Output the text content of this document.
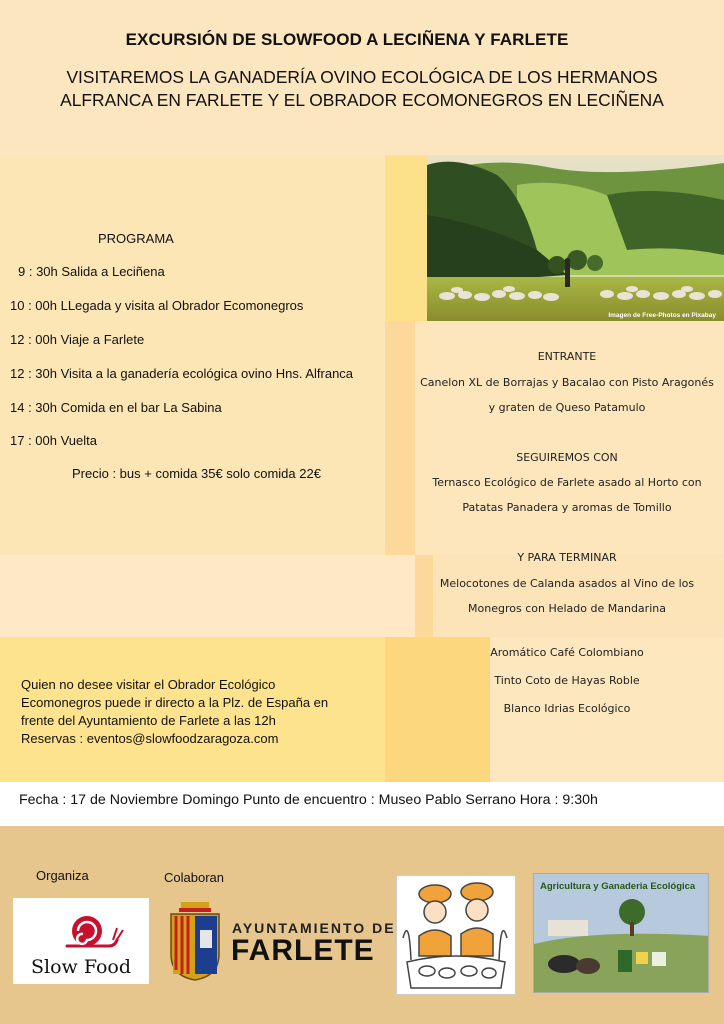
EXCURSIÓN DE SLOWFOOD A LECIÑENA Y FARLETE
VISITAREMOS LA GANADERÍA OVINO ECOLÓGICA DE LOS HERMANOS
ALFRANCA EN FARLETE Y EL OBRADOR ECOMONEGROS EN LECIÑENA
Imagen de Free-Photos en Pixabay
PROGRAMA
9 : 30h Salida a Leciñena
10 : 00h LLegada y visita al Obrador Ecomonegros
12 : 00h Viaje a Farlete
12 : 30h Visita a la ganadería ecológica ovino Hns. Alfranca
14 : 30h Comida en el bar La Sabina
17 : 00h Vuelta
Precio : bus + comida 35€ solo comida 22€
ENTRANTE
Canelon XL de Borrajas y Bacalao con Pisto Aragonés
y graten de Queso Patamulo
SEGUIREMOS CON
Ternasco Ecológico de Farlete asado al Horto con
Patatas Panadera y aromas de Tomillo
Y PARA TERMINAR
Melocotones de Calanda asados al Vino de los
Monegros con Helado de Mandarina
Aromático Café Colombiano
Tinto Coto de Hayas Roble
Blanco Idrias Ecológico
Quien no desee visitar el Obrador Ecológico
Ecomonegros puede ir directo a la Plz. de España en
frente del Ayuntamiento de Farlete a las 12h
Reservas : eventos@slowfoodzaragoza.com
Fecha : 17 de Noviembre Domingo Punto de encuentro : Museo Pablo Serrano Hora : 9:30h
Organiza	Colaboran
Slow Food
AYUNTAMIENTO DE
FARLETE
Agricultura y Ganaderia Ecológica
